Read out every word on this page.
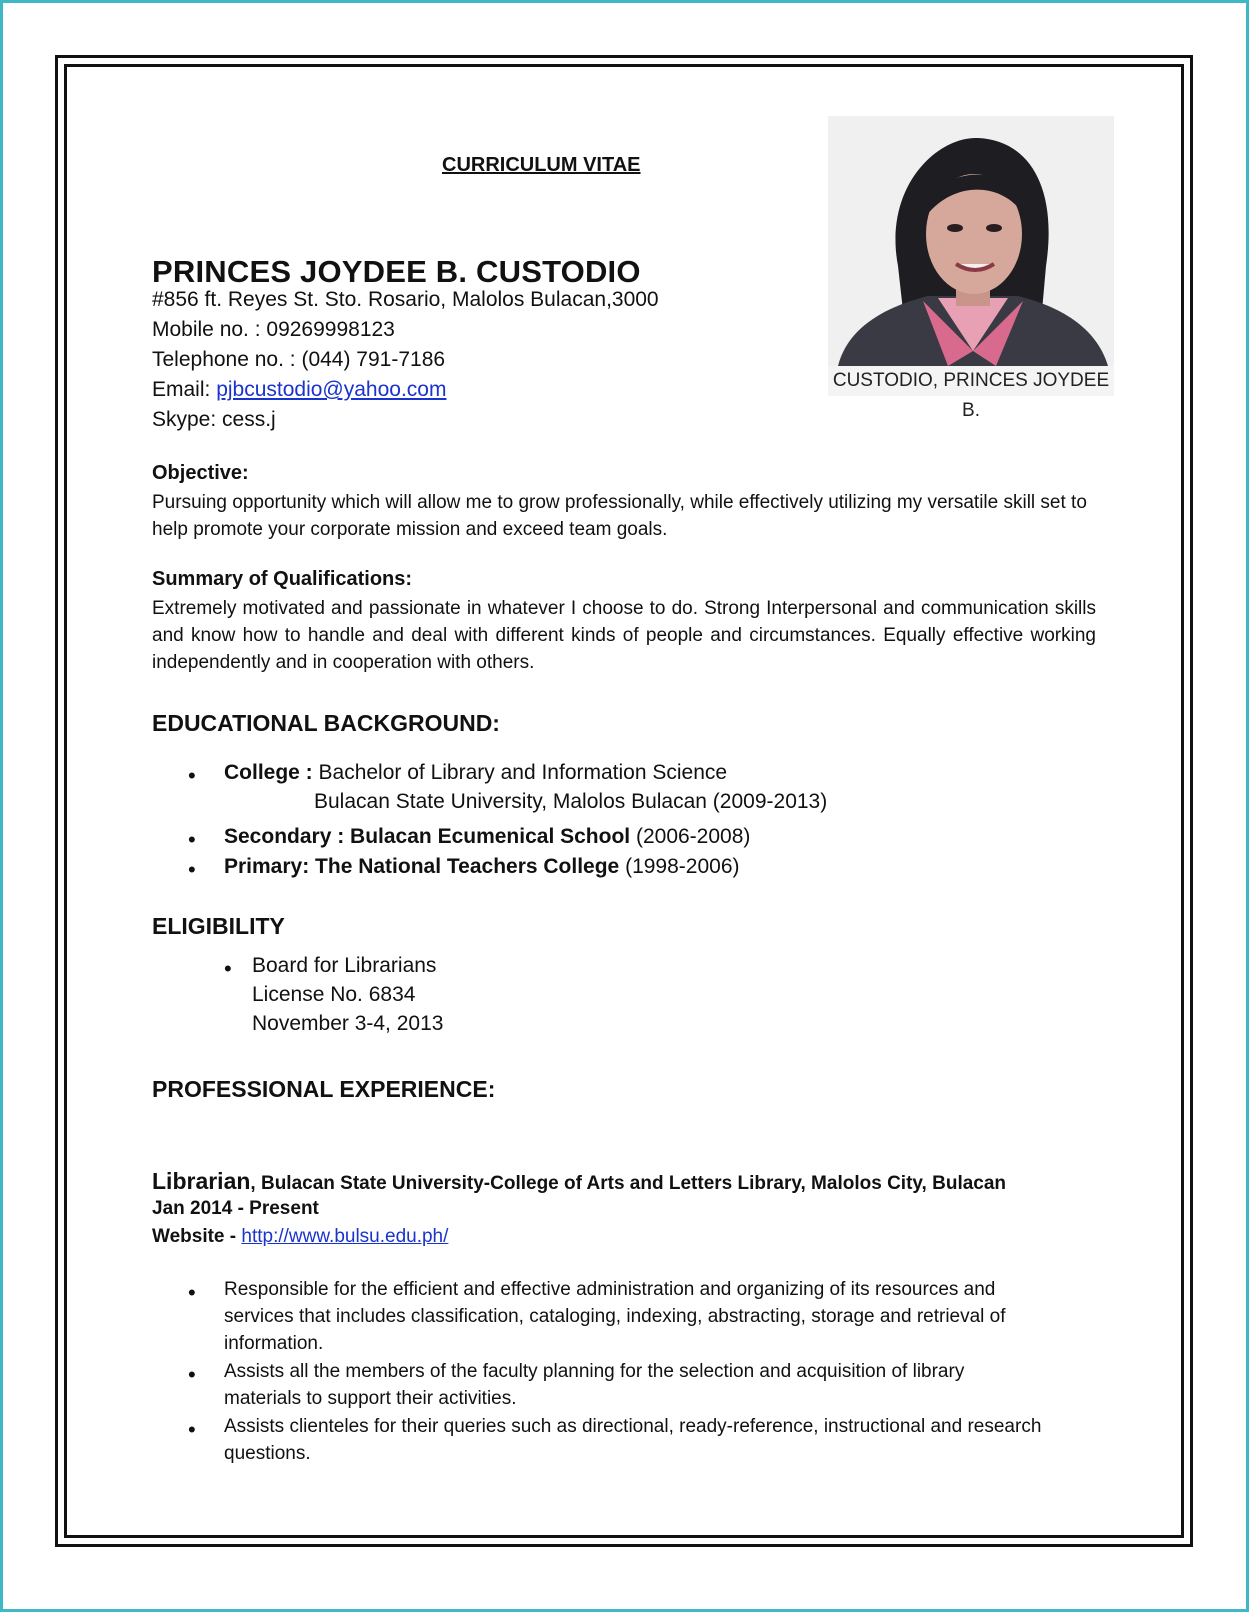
CURRICULUM VITAE
PRINCES JOYDEE B. CUSTODIO
#856 ft. Reyes St. Sto. Rosario, Malolos Bulacan,3000
Mobile no. : 09269998123
Telephone no. : (044) 791-7186
Email: pjbcustodio@yahoo.com
Skype: cess.j
CUSTODIO, PRINCES JOYDEE B.
Objective:
Pursuing opportunity which will allow me to grow professionally, while effectively utilizing my versatile skill set to help promote your corporate mission and exceed team goals.
Summary of Qualifications:
Extremely motivated and passionate in whatever I choose to do. Strong Interpersonal and communication skills and know how to handle and deal with different kinds of people and circumstances. Equally effective working independently and in cooperation with others.
EDUCATIONAL BACKGROUND:
• College : Bachelor of Library and Information Science
Bulacan State University, Malolos Bulacan (2009-2013)
• Secondary : Bulacan Ecumenical School (2006-2008)
• Primary: The National Teachers College (1998-2006)
ELIGIBILITY
• Board for Librarians
License No. 6834
November 3-4, 2013
PROFESSIONAL EXPERIENCE:
Librarian, Bulacan State University-College of Arts and Letters Library, Malolos City, Bulacan
Jan 2014 - Present
Website - http://www.bulsu.edu.ph/
• Responsible for the efficient and effective administration and organizing of its resources and services that includes classification, cataloging, indexing, abstracting, storage and retrieval of information.
• Assists all the members of the faculty planning for the selection and acquisition of library materials to support their activities.
• Assists clienteles for their queries such as directional, ready-reference, instructional and research questions.
